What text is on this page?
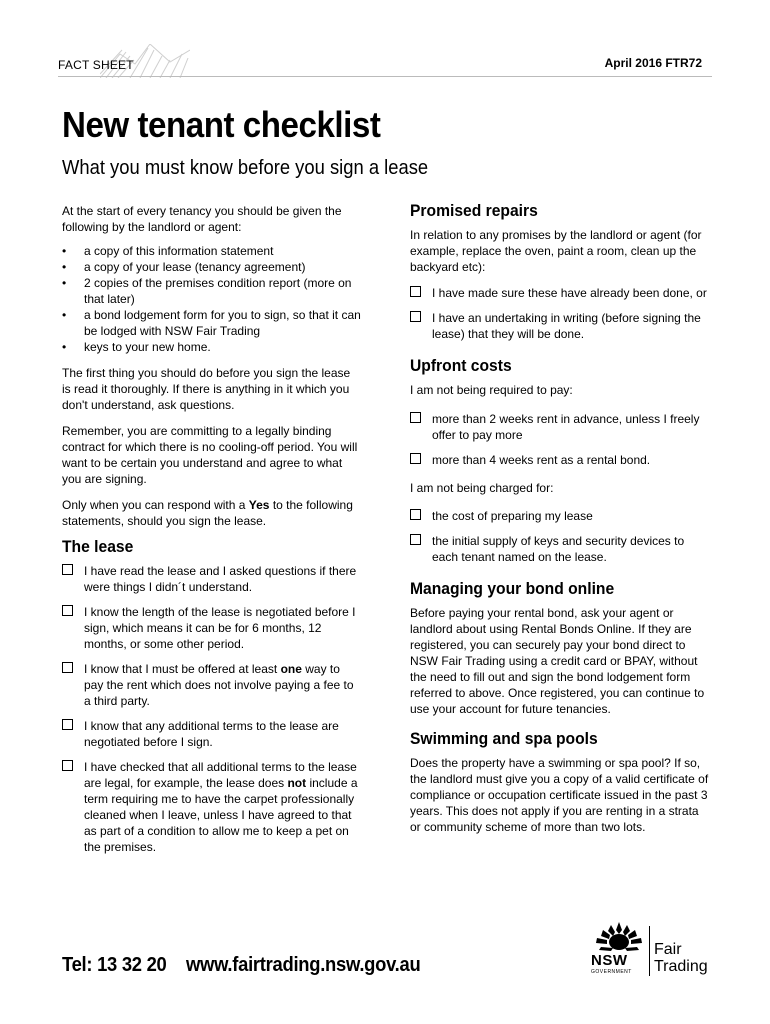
FACT SHEET	April 2016 FTR72
New tenant checklist
What you must know before you sign a lease

At the start of every tenancy you should be given the following by the landlord or agent:

• a copy of this information statement
• a copy of your lease (tenancy agreement)
• 2 copies of the premises condition report (more on that later)
• a bond lodgement form for you to sign, so that it can be lodged with NSW Fair Trading
• keys to your new home.

The first thing you should do before you sign the lease is read it thoroughly. If there is anything in it which you don't understand, ask questions.

Remember, you are committing to a legally binding contract for which there is no cooling-off period. You will want to be certain you understand and agree to what you are signing.

Only when you can respond with a Yes to the following statements, should you sign the lease.

The lease
I have read the lease and I asked questions if there were things I didn´t understand.
I know the length of the lease is negotiated before I sign, which means it can be for 6 months, 12 months, or some other period.
I know that I must be offered at least one way to pay the rent which does not involve paying a fee to a third party.
I know that any additional terms to the lease are negotiated before I sign.
I have checked that all additional terms to the lease are legal, for example, the lease does not include a term requiring me to have the carpet professionally cleaned when I leave, unless I have agreed to that as part of a condition to allow me to keep a pet on the premises.
Promised repairs

In relation to any promises by the landlord or agent (for example, replace the oven, paint a room, clean up the backyard etc):

I have made sure these have already been done, or
I have an undertaking in writing (before signing the lease) that they will be done.
Upfront costs

I am not being required to pay:

more than 2 weeks rent in advance, unless I freely offer to pay more
more than 4 weeks rent as a rental bond.

I am not being charged for:

the cost of preparing my lease
the initial supply of keys and security devices to each tenant named on the lease.
Managing your bond online

Before paying your rental bond, ask your agent or landlord about using Rental Bonds Online. If they are registered, you can securely pay your bond direct to NSW Fair Trading using a credit card or BPAY, without the need to fill out and sign the bond lodgement form referred to above. Once registered, you can continue to use your account for future tenancies.

Swimming and spa pools

Does the property have a swimming or spa pool? If so, the landlord must give you a copy of a valid certificate of compliance or occupation certificate issued in the past 3 years. This does not apply if you are renting in a strata or community scheme of more than two lots.

Tel: 13 32 20 www.fairtrading.nsw.gov.au	NSW
GOVERNMENT
Fair
Trading
